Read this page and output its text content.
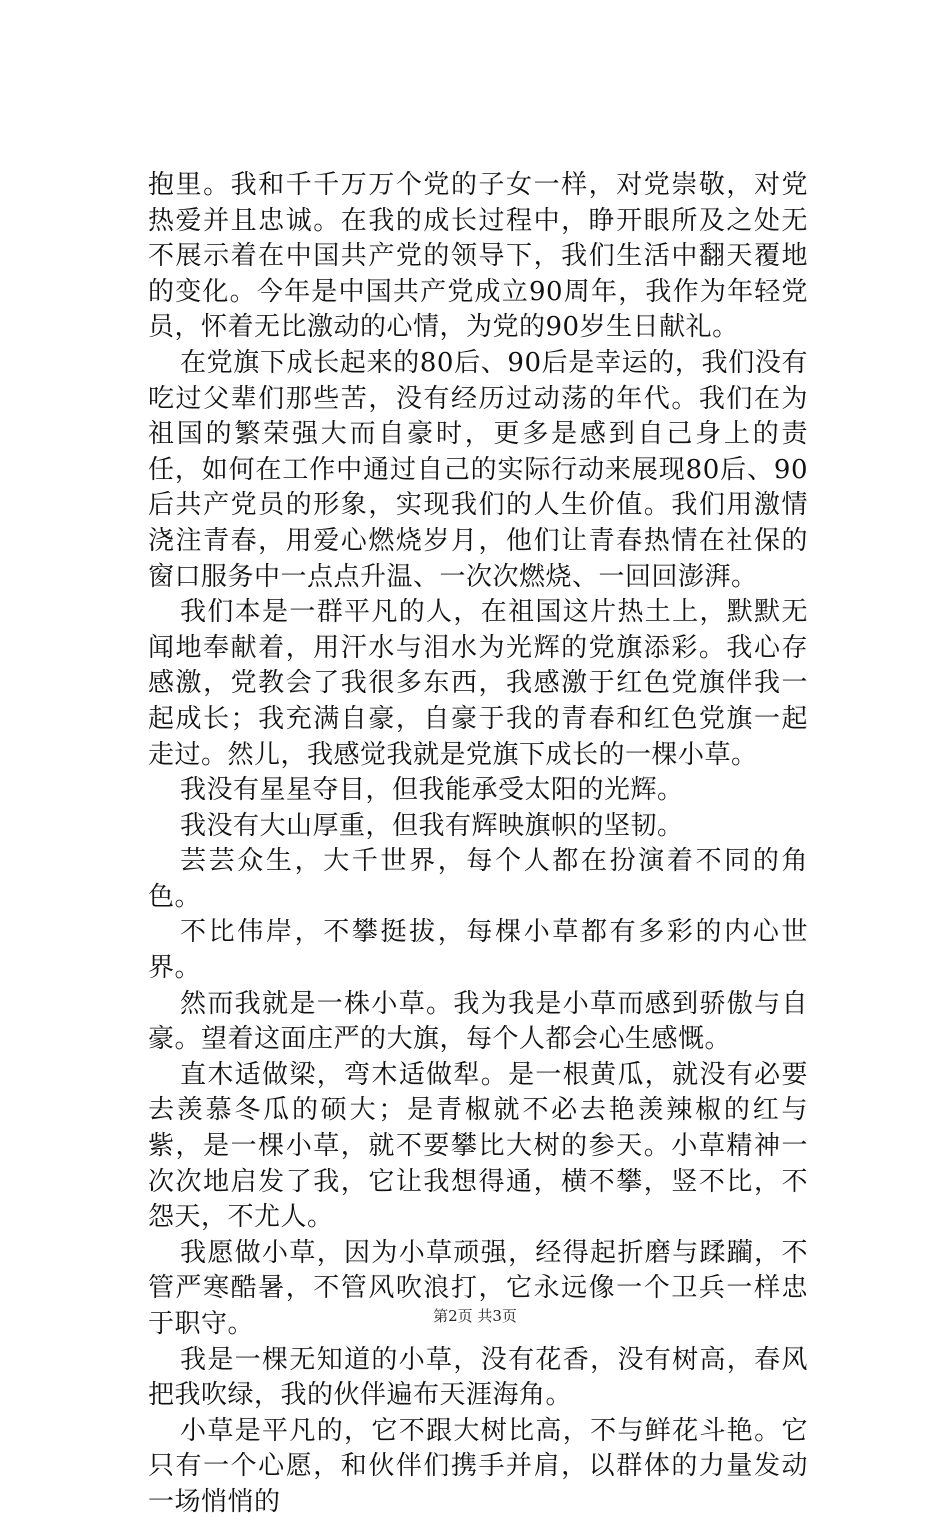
抱里。我和千千万万个党的子女一样，对党崇敬，对党热爱并且忠诚。在我的成长过程中，睁开眼所及之处无不展示着在中国共产党的领导下，我们生活中翻天覆地的变化。今年是中国共产党成立90周年，我作为年轻党员，怀着无比激动的心情，为党的90岁生日献礼。

在党旗下成长起来的80后、90后是幸运的，我们没有吃过父辈们那些苦，没有经历过动荡的年代。我们在为祖国的繁荣强大而自豪时，更多是感到自己身上的责任，如何在工作中通过自己的实际行动来展现80后、90后共产党员的形象，实现我们的人生价值。我们用激情浇注青春，用爱心燃烧岁月，他们让青春热情在社保的窗口服务中一点点升温、一次次燃烧、一回回澎湃。

我们本是一群平凡的人，在祖国这片热土上，默默无闻地奉献着，用汗水与泪水为光辉的党旗添彩。我心存感激，党教会了我很多东西，我感激于红色党旗伴我一起成长；我充满自豪，自豪于我的青春和红色党旗一起走过。然儿，我感觉我就是党旗下成长的一棵小草。

我没有星星夺目，但我能承受太阳的光辉。

我没有大山厚重，但我有辉映旗帜的坚韧。

芸芸众生，大千世界，每个人都在扮演着不同的角色。

不比伟岸，不攀挺拔，每棵小草都有多彩的内心世界。

然而我就是一株小草。我为我是小草而感到骄傲与自豪。望着这面庄严的大旗，每个人都会心生感慨。

直木适做梁，弯木适做犁。是一根黄瓜，就没有必要去羡慕冬瓜的硕大；是青椒就不必去艳羡辣椒的红与紫，是一棵小草，就不要攀比大树的参天。小草精神一次次地启发了我，它让我想得通，横不攀，竖不比，不怨天，不尤人。

我愿做小草，因为小草顽强，经得起折磨与蹂躏，不管严寒酷暑，不管风吹浪打，它永远像一个卫兵一样忠于职守。

我是一棵无知道的小草，没有花香，没有树高，春风把我吹绿，我的伙伴遍布天涯海角。

小草是平凡的，它不跟大树比高，不与鲜花斗艳。它只有一个心愿，和伙伴们携手并肩，以群体的力量发动一场悄悄的

第2页 共3页
